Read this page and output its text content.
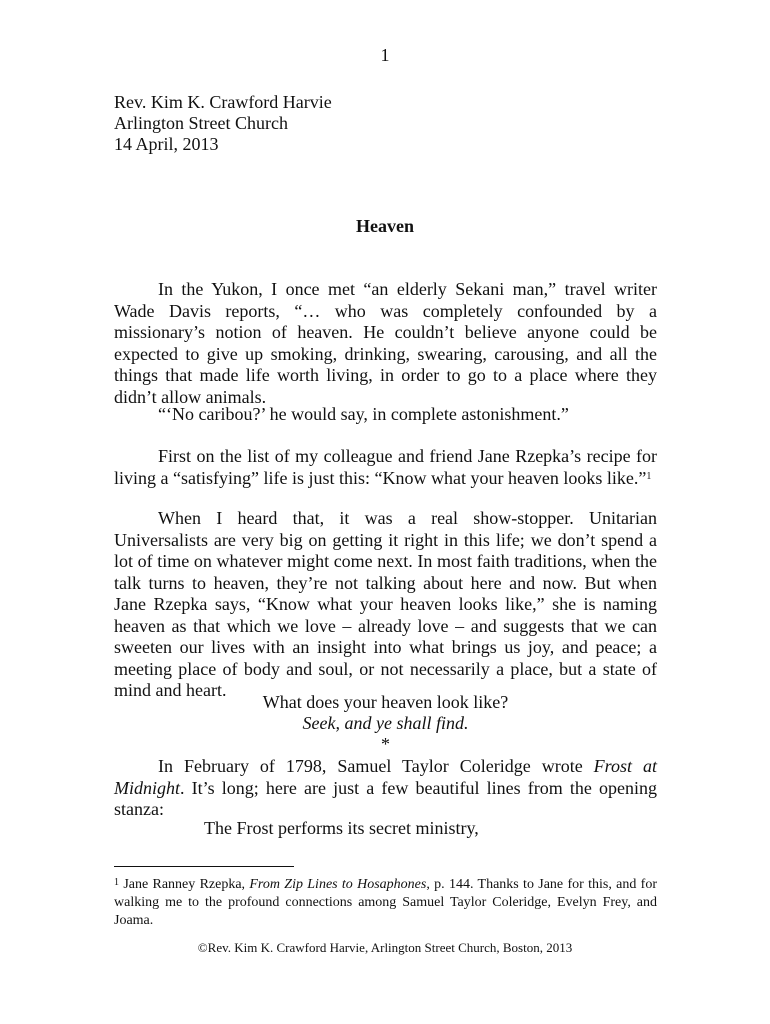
1
Rev. Kim K. Crawford Harvie
Arlington Street Church
14 April, 2013
Heaven

In the Yukon, I once met “an elderly Sekani man,” travel writer Wade Davis reports, “… who was completely confounded by a missionary’s notion of heaven. He couldn’t believe anyone could be expected to give up smoking, drinking, swearing, carousing, and all the things that made life worth living, in order to go to a place where they didn’t allow animals.

“‘No caribou?’ he would say, in complete astonishment.”

First on the list of my colleague and friend Jane Rzepka’s recipe for living a “satisfying” life is just this: “Know what your heaven looks like.”$^1$

When I heard that, it was a real show-stopper. Unitarian Universalists are very big on getting it right in this life; we don’t spend a lot of time on whatever might come next. In most faith traditions, when the talk turns to heaven, they’re not talking about here and now. But when Jane Rzepka says, “Know what your heaven looks like,” she is naming heaven as that which we love – already love – and suggests that we can sweeten our lives with an insight into what brings us joy, and peace; a meeting place of body and soul, or not necessarily a place, but a state of mind and heart.

What does your heaven look like?
Seek, and ye shall find.
*

In February of 1798, Samuel Taylor Coleridge wrote Frost at Midnight. It’s long; here are just a few beautiful lines from the opening stanza:

The Frost performs its secret ministry,
$^1$ Jane Ranney Rzepka, From Zip Lines to Hosaphones, p. 144. Thanks to Jane for this, and for walking me to the profound connections among Samuel Taylor Coleridge, Evelyn Frey, and Joama.
©Rev. Kim K. Crawford Harvie, Arlington Street Church, Boston, 2013
